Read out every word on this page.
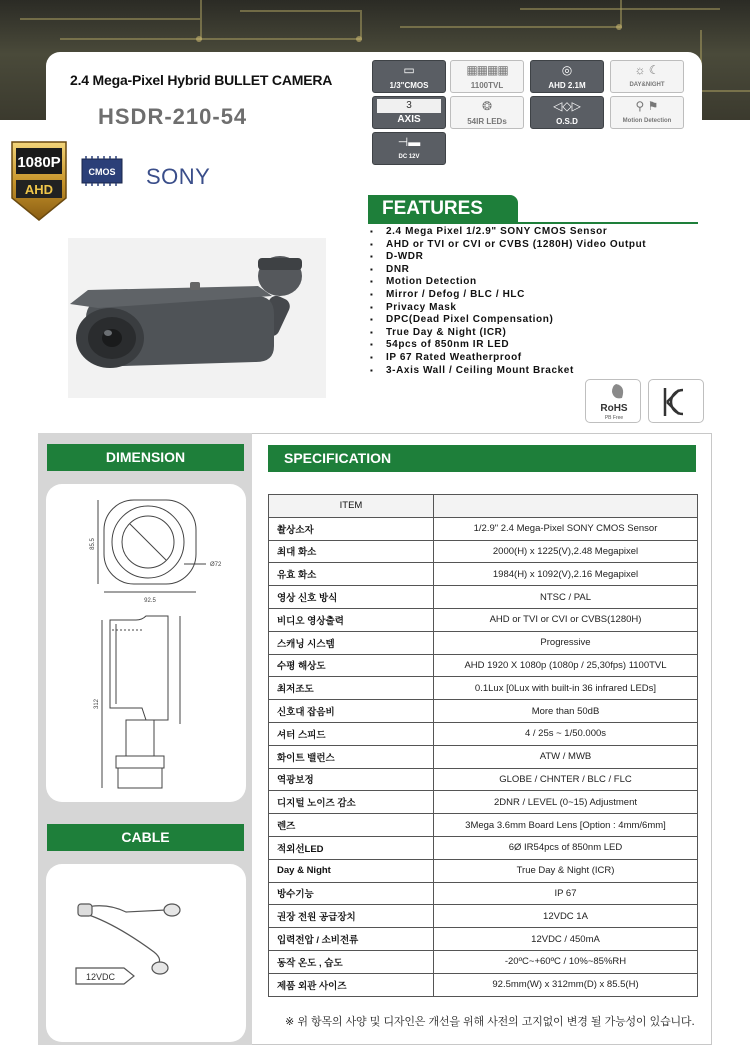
2.4 Mega-Pixel Hybrid BULLET CAMERA
HSDR-210-54
▭
1/3"CMOS
▦▦▦▦
1100TVL
◎
AHD 2.1M
☼ ☾
DAY&NIGHT
3
AXIS
❂
54IR LEDs
◁◇▷
O.S.D
⚲ ⚑
Motion Detection
⊣▬
DC 12V
1080P
AHD
CMOS SONY
FEATURES
▪ 2.4 Mega Pixel 1/2.9" SONY CMOS Sensor
▪ AHD or TVI or CVI or CVBS (1280H) Video Output
▪ D-WDR
▪ DNR
▪ Motion Detection
▪ Mirror / Defog / BLC / HLC
▪ Privacy Mask
▪ DPC(Dead Pixel Compensation)
▪ True Day & Night (ICR)
▪ 54pcs of 850nm IR LED
▪ IP 67 Rated Weatherproof
▪ 3-Axis Wall / Ceiling Mount Bracket
RoHS
PB Free
DIMENSION
92.5
85.5
Ø72
312
CABLE
12VDC
SPECIFICATION
ITEM	
촬상소자	1/2.9" 2.4 Mega-Pixel SONY CMOS Sensor
최대 화소	2000(H) x 1225(V),2.48 Megapixel
유효 화소	1984(H) x 1092(V),2.16 Megapixel
영상 신호 방식	NTSC / PAL
비디오 영상출력	AHD or TVI or CVI or CVBS(1280H)
스캐닝 시스템	Progressive
수평 해상도	AHD 1920 X 1080p (1080p / 25,30fps) 1100TVL
최저조도	0.1Lux [0Lux with built-in 36 infrared LEDs]
신호대 잡음비	More than 50dB
셔터 스피드	4 / 25s ~ 1/50.000s
화이트 밸런스	ATW / MWB
역광보정	GLOBE / CHNTER / BLC / FLC
디지털 노이즈 감소	2DNR / LEVEL (0~15) Adjustment
렌즈	3Mega 3.6mm Board Lens [Option : 4mm/6mm]
적외선LED	6Ø IR54pcs of 850nm LED
Day & Night	True Day & Night (ICR)
방수기능	IP 67
권장 전원 공급장치	12VDC 1A
입력전압 / 소비전류	12VDC / 450mA
동작 온도 , 습도	-20ºC~+60ºC / 10%~85%RH
제품 외관 사이즈	92.5mm(W) x 312mm(D) x 85.5(H)
※ 위 항목의 사양 및 디자인은 개선을 위해 사전의 고지없이 변경 될 가능성이 있습니다.
